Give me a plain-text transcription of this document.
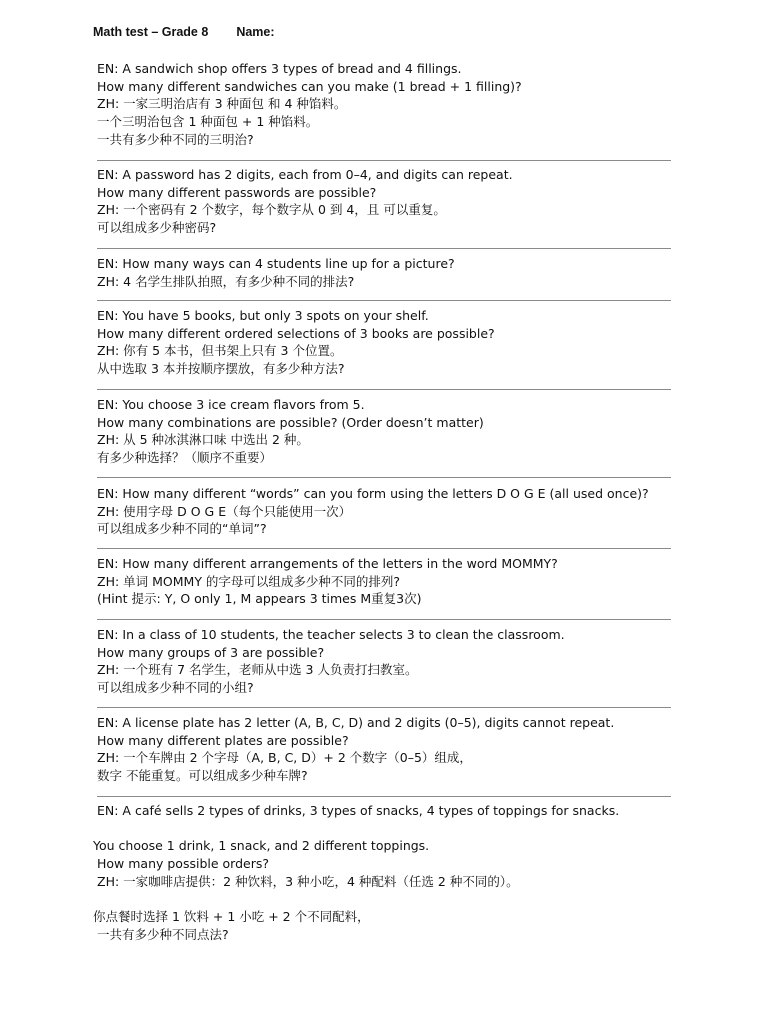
Math test – Grade 8 Name:
EN: A sandwich shop offers 3 types of bread and 4 fillings.
How many different sandwiches can you make (1 bread + 1 filling)?
ZH: 一家三明治店有 3 种面包 和 4 种馅料。
一个三明治包含 1 种面包 + 1 种馅料。
一共有多少种不同的三明治?
EN: A password has 2 digits, each from 0–4, and digits can repeat.
How many different passwords are possible?
ZH: 一个密码有 2 个数字，每个数字从 0 到 4，且 可以重复。
可以组成多少种密码?
EN: How many ways can 4 students line up for a picture?
ZH: 4 名学生排队拍照，有多少种不同的排法?
EN: You have 5 books, but only 3 spots on your shelf.
How many different ordered selections of 3 books are possible?
ZH: 你有 5 本书，但书架上只有 3 个位置。
从中选取 3 本并按顺序摆放，有多少种方法?
EN: You choose 3 ice cream flavors from 5.
How many combinations are possible? (Order doesn’t matter)
ZH: 从 5 种冰淇淋口味 中选出 2 种。
有多少种选择？（顺序不重要）
EN: How many different “words” can you form using the letters D O G E (all used once)?
ZH: 使用字母 D O G E（每个只能使用一次）
可以组成多少种不同的“单词”?
EN: How many different arrangements of the letters in the word MOMMY?
ZH: 单词 MOMMY 的字母可以组成多少种不同的排列?
(Hint 提示: Y, O only 1, M appears 3 times M重复3次)
EN: In a class of 10 students, the teacher selects 3 to clean the classroom.
How many groups of 3 are possible?
ZH: 一个班有 7 名学生，老师从中选 3 人负责打扫教室。
可以组成多少种不同的小组?
EN: A license plate has 2 letter (A, B, C, D) and 2 digits (0–5), digits cannot repeat.
How many different plates are possible?
ZH: 一个车牌由 2 个字母（A, B, C, D）+ 2 个数字（0–5）组成，
数字 不能重复。可以组成多少种车牌?
EN: A café sells 2 types of drinks, 3 types of snacks, 4 types of toppings for snacks.
You choose 1 drink, 1 snack, and 2 different toppings.
How many possible orders?
ZH: 一家咖啡店提供：2 种饮料，3 种小吃，4 种配料（任选 2 种不同的）。
你点餐时选择 1 饮料 + 1 小吃 + 2 个不同配料，
一共有多少种不同点法?
